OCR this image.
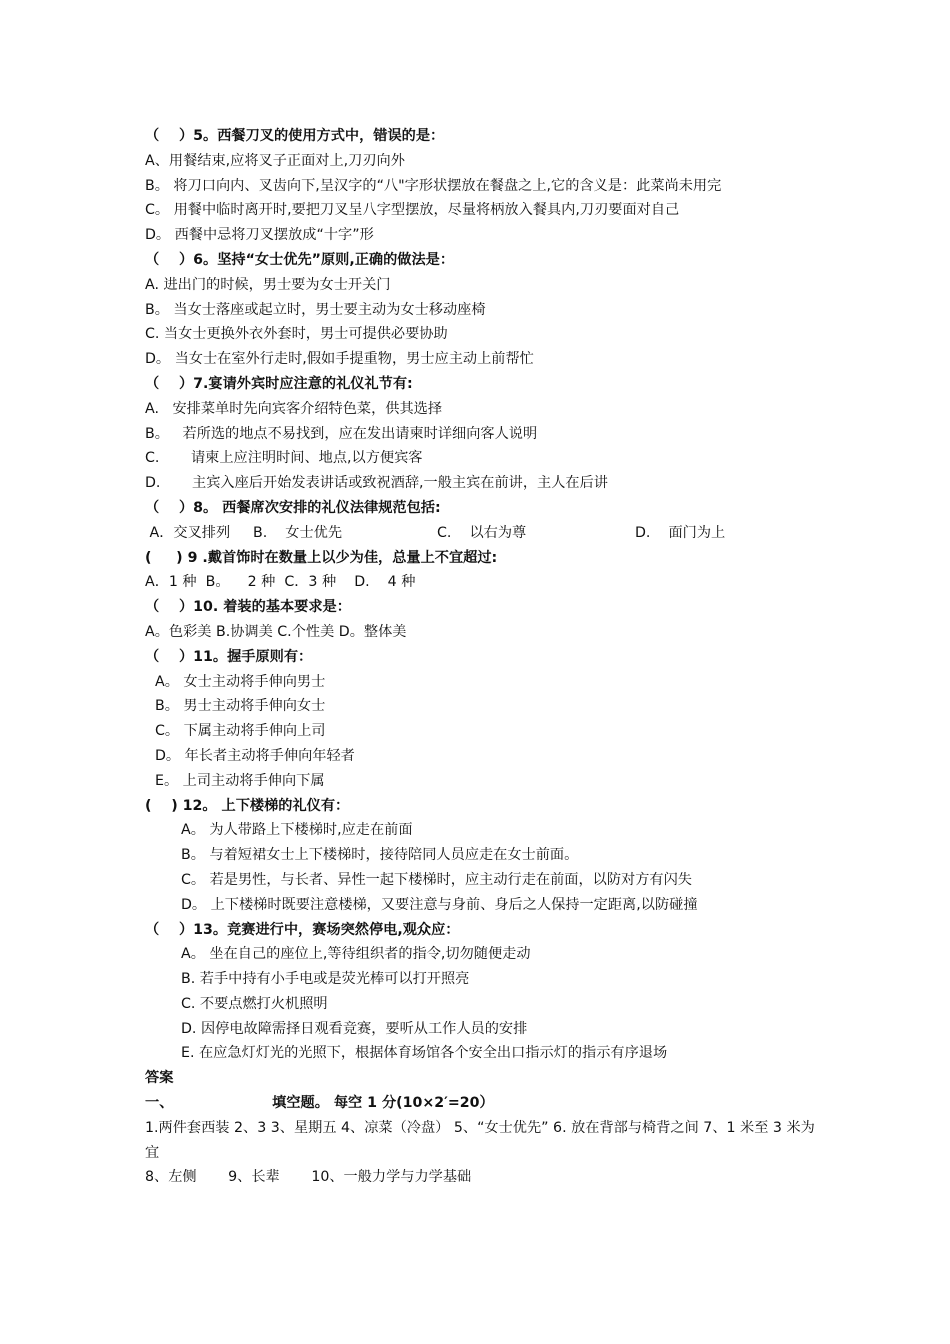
（    ）5。西餐刀叉的使用方式中，错误的是：
A、用餐结束,应将叉子正面对上,刀刃向外
B。 将刀口向内、叉齿向下,呈汉字的“八"字形状摆放在餐盘之上,它的含义是：此菜尚未用完
C。 用餐中临时离开时,要把刀叉呈八字型摆放，尽量将柄放入餐具内,刀刃要面对自己
D。 西餐中忌将刀叉摆放成“十字”形
（    ）6。坚持“女士优先”原则,正确的做法是：
A. 进出门的时候，男士要为女士开关门
B。 当女士落座或起立时，男士要主动为女士移动座椅
C. 当女士更换外衣外套时，男士可提供必要协助
D。 当女士在室外行走时,假如手提重物，男士应主动上前帮忙
（    ）7.宴请外宾时应注意的礼仪礼节有:
A.   安排菜单时先向宾客介绍特色菜，供其选择
B。   若所选的地点不易找到，应在发出请柬时详细向客人说明
C.       请柬上应注明时间、地点,以方便宾客
D.       主宾入座后开始发表讲话或致祝酒辞,一般主宾在前讲，主人在后讲
（    ）8。 西餐席次安排的礼仪法律规范包括:
A．交叉排列	B.    女士优先	C.    以右为尊	D.    面门为上
(     ) 9 .戴首饰时在数量上以少为佳，总量上不宜超过:
A．1 种  B。    2 种  C．3 种    D.    4 种
（    ）10. 着装的基本要求是：
A。色彩美 B.协调美 C.个性美 D。整体美
（    ）11。握手原则有：
A。 女士主动将手伸向男士
B。 男士主动将手伸向女士
C。 下属主动将手伸向上司
D。 年长者主动将手伸向年轻者
E。 上司主动将手伸向下属
(    ) 12。 上下楼梯的礼仪有：
A。 为人带路上下楼梯时,应走在前面
B。 与着短裙女士上下楼梯时，接待陪同人员应走在女士前面。
C。 若是男性，与长者、异性一起下楼梯时，应主动行走在前面，以防对方有闪失
D。 上下楼梯时既要注意楼梯，又要注意与身前、身后之人保持一定距离,以防碰撞
（    ）13。竞赛进行中，赛场突然停电,观众应：
A。 坐在自己的座位上,等待组织者的指令,切勿随便走动
B. 若手中持有小手电或是荧光棒可以打开照亮
C. 不要点燃打火机照明
D. 因停电故障需择日观看竞赛，要听从工作人员的安排
E. 在应急灯灯光的光照下，根据体育场馆各个安全出口指示灯的指示有序退场
答案
一、                    填空题。 每空 1 分(10×2′=20）
1.两件套西装 2、3 3、星期五 4、凉菜（冷盘） 5、“女士优先” 6. 放在背部与椅背之间 7、1 米至 3 米为宜
8、左侧       9、长辈       10、一般力学与力学基础
